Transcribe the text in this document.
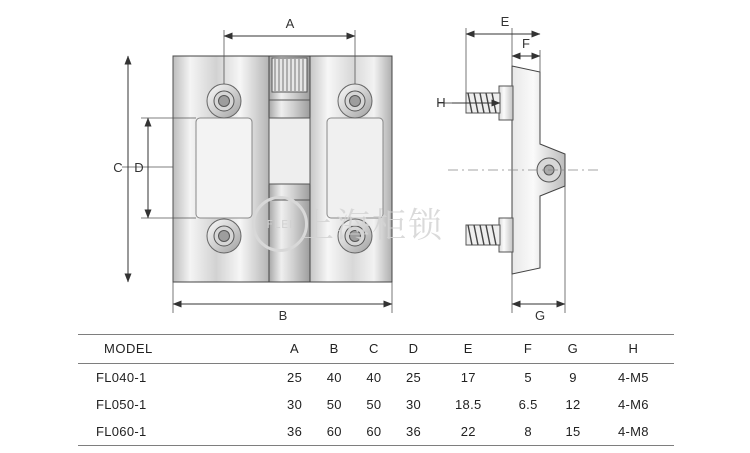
A
B
C D
E
F
G
H
FLEI 上海柜锁
MODEL	A	B	C	D	E	F	G	H
FL040-1	25	40	40	25	17	5	9	4-M5
FL050-1	30	50	50	30	18.5	6.5	12	4-M6
FL060-1	36	60	60	36	22	8	15	4-M8
